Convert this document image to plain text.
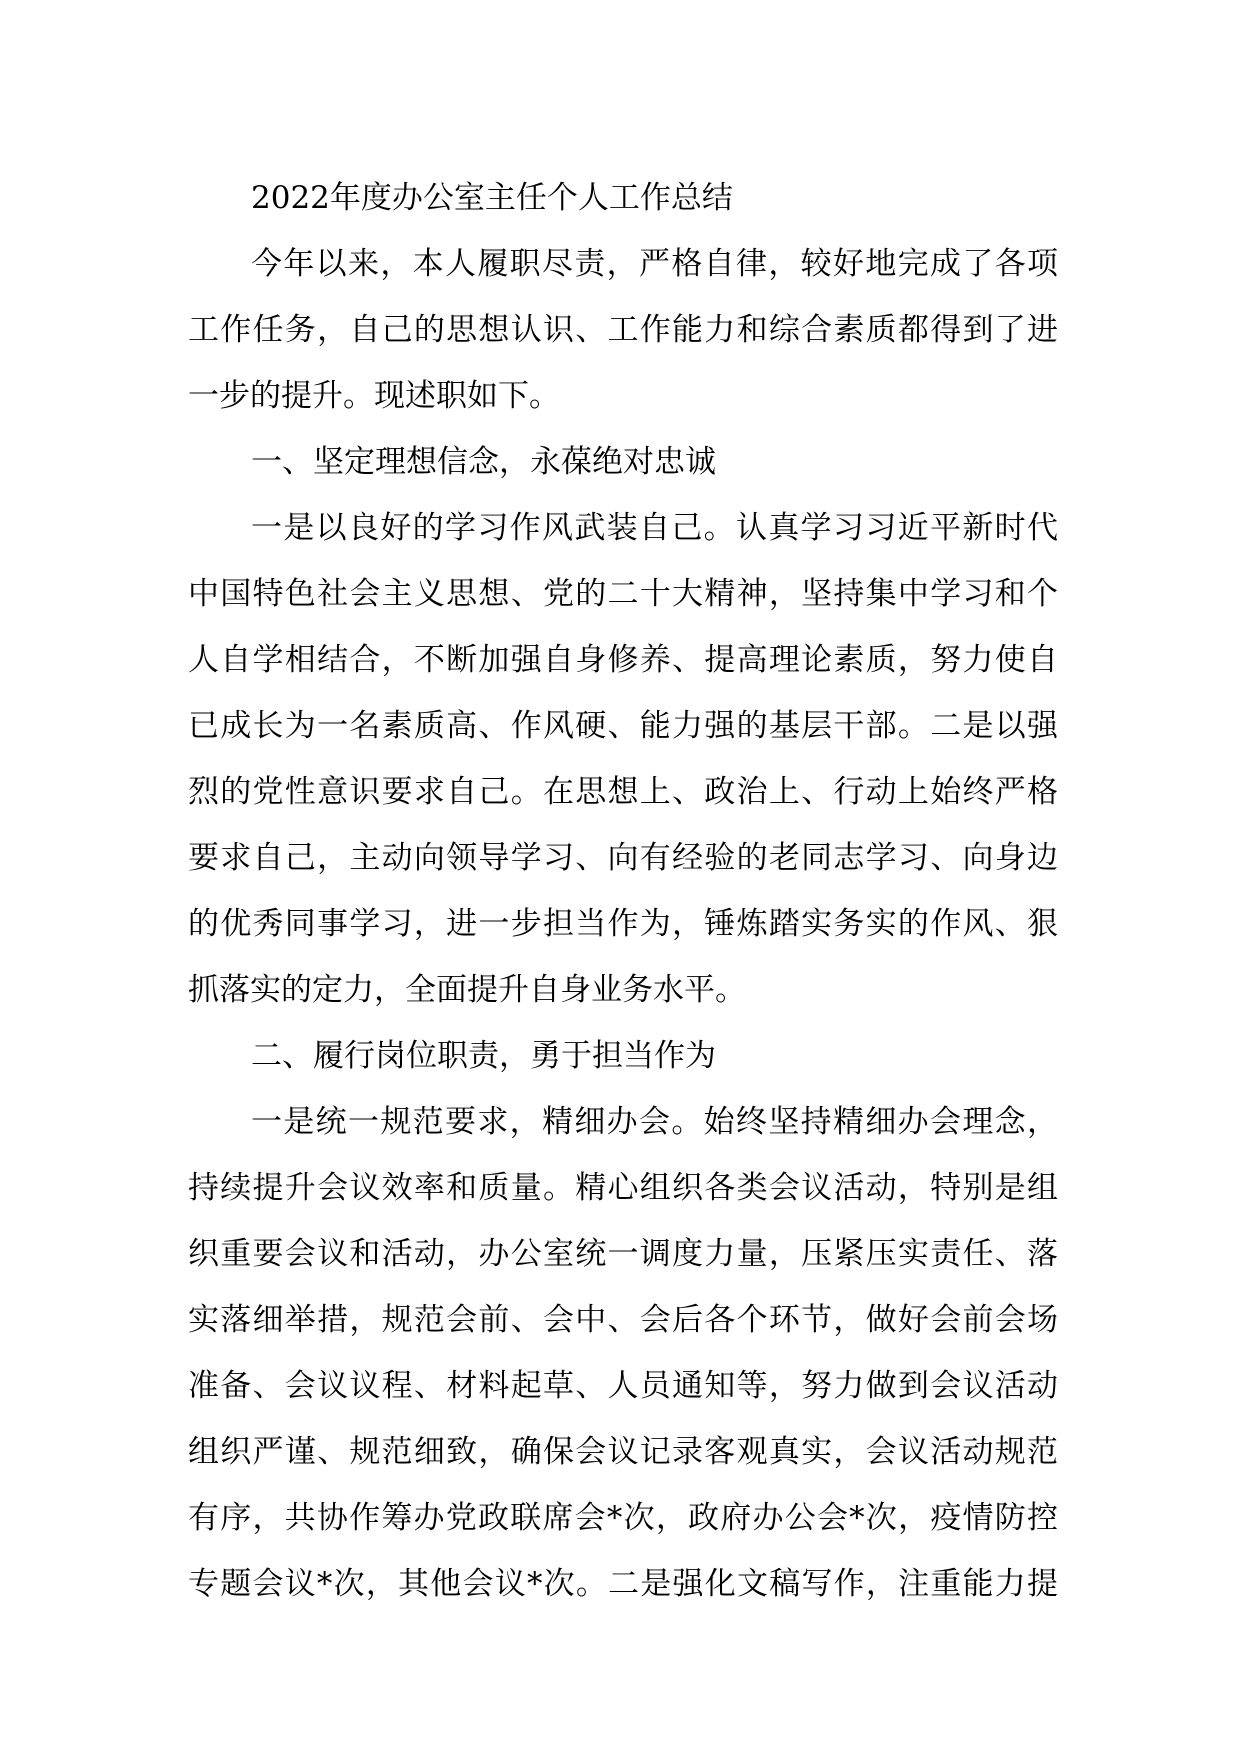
2022年度办公室主任个人工作总结

今年以来，本人履职尽责，严格自律，较好地完成了各项
工作任务，自己的思想认识、工作能力和综合素质都得到了进
一步的提升。现述职如下。

一、坚定理想信念，永葆绝对忠诚

一是以良好的学习作风武装自己。认真学习习近平新时代
中国特色社会主义思想、党的二十大精神，坚持集中学习和个
人自学相结合，不断加强自身修养、提高理论素质，努力使自
已成长为一名素质高、作风硬、能力强的基层干部。二是以强
烈的党性意识要求自己。在思想上、政治上、行动上始终严格
要求自己，主动向领导学习、向有经验的老同志学习、向身边
的优秀同事学习，进一步担当作为，锤炼踏实务实的作风、狠
抓落实的定力，全面提升自身业务水平。

二、履行岗位职责，勇于担当作为

一是统一规范要求，精细办会。始终坚持精细办会理念，
持续提升会议效率和质量。精心组织各类会议活动，特别是组
织重要会议和活动，办公室统一调度力量，压紧压实责任、落
实落细举措，规范会前、会中、会后各个环节，做好会前会场
准备、会议议程、材料起草、人员通知等，努力做到会议活动
组织严谨、规范细致，确保会议记录客观真实，会议活动规范
有序，共协作筹办党政联席会*次，政府办公会*次，疫情防控
专题会议*次，其他会议*次。二是强化文稿写作，注重能力提
